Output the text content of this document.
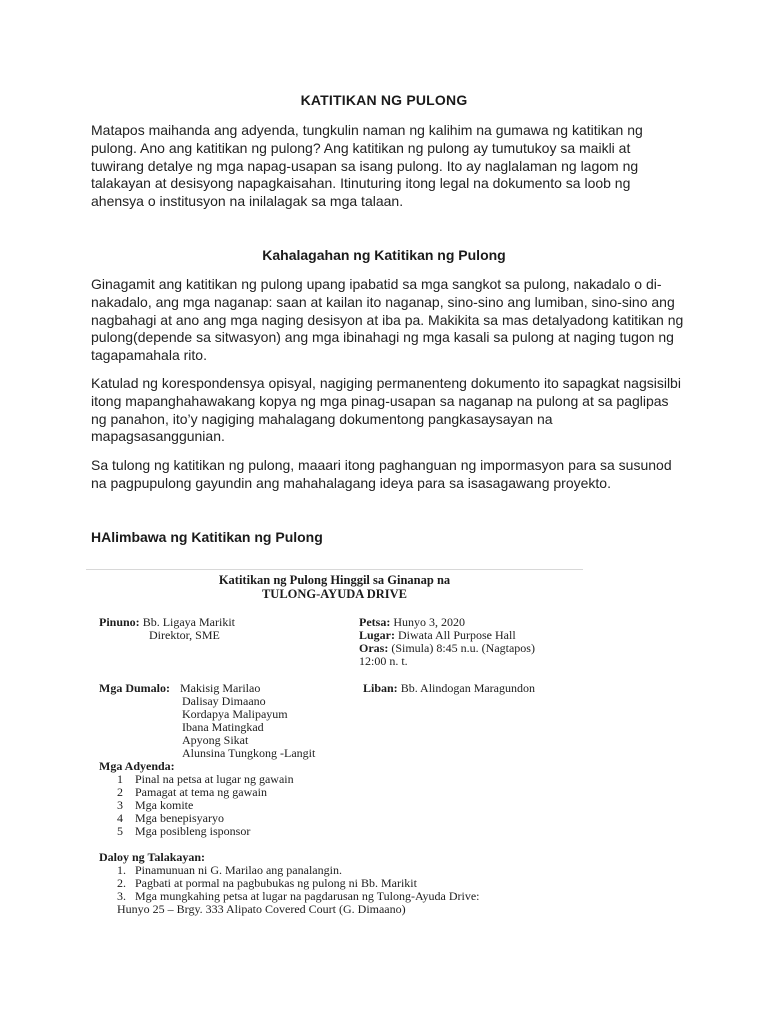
KATITIKAN NG PULONG
Matapos maihanda ang adyenda, tungkulin naman ng kalihim na gumawa ng katitikan ng
pulong. Ano ang katitikan ng pulong? Ang katitikan ng pulong ay tumutukoy sa maikli at
tuwirang detalye ng mga napag-usapan sa isang pulong. Ito ay naglalaman ng lagom ng
talakayan at desisyong napagkaisahan. Itinuturing itong legal na dokumento sa loob ng
ahensya o institusyon na inilalagak sa mga talaan.
Kahalagahan ng Katitikan ng Pulong
Ginagamit ang katitikan ng pulong upang ipabatid sa mga sangkot sa pulong, nakadalo o di-
nakadalo, ang mga naganap: saan at kailan ito naganap, sino-sino ang lumiban, sino-sino ang
nagbahagi at ano ang mga naging desisyon at iba pa. Makikita sa mas detalyadong katitikan ng
pulong(depende sa sitwasyon) ang mga ibinahagi ng mga kasali sa pulong at naging tugon ng
tagapamahala rito.
Katulad ng korespondensya opisyal, nagiging permanenteng dokumento ito sapagkat nagsisilbi
itong mapanghahawakang kopya ng mga pinag-usapan sa naganap na pulong at sa paglipas
ng panahon, ito’y nagiging mahalagang dokumentong pangkasaysayan na
mapagsasanggunian.
Sa tulong ng katitikan ng pulong, maaari itong paghanguan ng impormasyon para sa susunod
na pagpupulong gayundin ang mahahalagang ideya para sa isasagawang proyekto.
HAlimbawa ng Katitikan ng Pulong
Katitikan ng Pulong Hinggil sa Ginanap na
TULONG-AYUDA DRIVE
Pinuno: Bb. Ligaya Marikit
Direktor, SME
Petsa: Hunyo 3, 2020
Lugar: Diwata All Purpose Hall
Oras: (Simula) 8:45 n.u. (Nagtapos)
12:00 n. t.
Mga Dumalo: Makisig Marilao
Dalisay Dimaano
Kordapya Malipayum
Ibana Matingkad
Apyong Sikat
Alunsina Tungkong -Langit
Liban: Bb. Alindogan Maragundon
Mga Adyenda:
1 Pinal na petsa at lugar ng gawain
2 Pamagat at tema ng gawain
3 Mga komite
4 Mga benepisyaryo
5 Mga posibleng isponsor
Daloy ng Talakayan:
1. Pinamunuan ni G. Marilao ang panalangin.
2. Pagbati at pormal na pagbubukas ng pulong ni Bb. Marikit
3. Mga mungkahing petsa at lugar na pagdarusan ng Tulong-Ayuda Drive:
Hunyo 25 – Brgy. 333 Alipato Covered Court (G. Dimaano)
